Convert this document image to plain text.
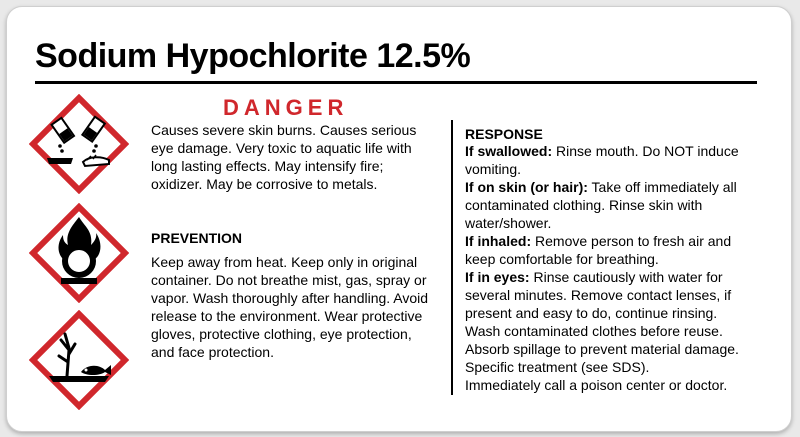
Sodium Hypochlorite 12.5%
DANGER

Causes severe skin burns. Causes serious eye damage. Very toxic to aquatic life with long lasting effects. May intensify fire; oxidizer. May be corrosive to metals.

PREVENTION

Keep away from heat. Keep only in original container. Do not breathe mist, gas, spray or vapor. Wash thoroughly after handling. Avoid release to the environment. Wear protective gloves, protective clothing, eye protection, and face protection.

RESPONSE
If swallowed: Rinse mouth. Do NOT induce vomiting.
If on skin (or hair): Take off immediately all contaminated clothing. Rinse skin with water/shower.
If inhaled: Remove person to fresh air and keep comfortable for breathing.
If in eyes: Rinse cautiously with water for several minutes. Remove contact lenses, if present and easy to do, continue rinsing. Wash contaminated clothes before reuse. Absorb spillage to prevent material damage. Specific treatment (see SDS).
Immediately call a poison center or doctor.
